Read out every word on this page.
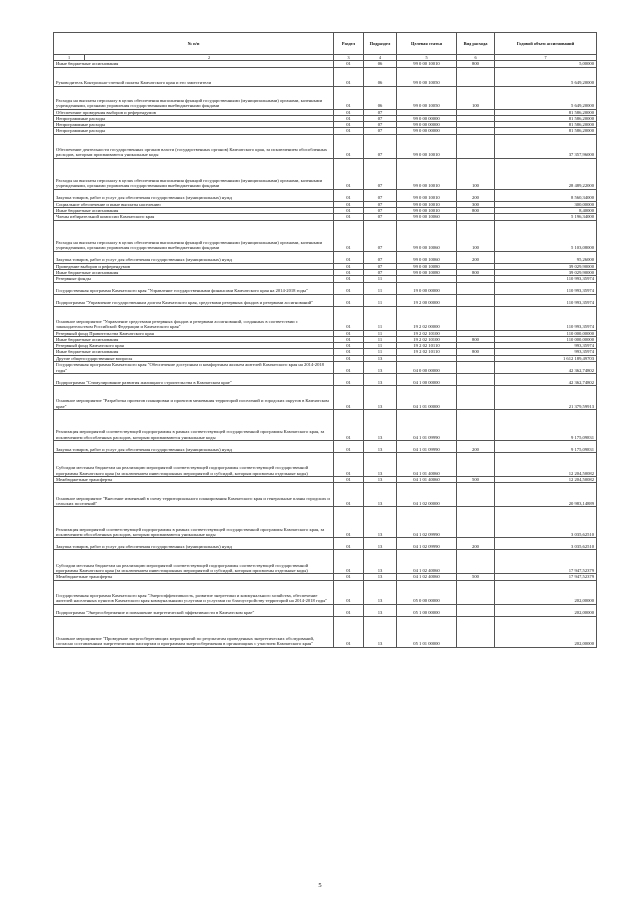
№ п/п	Раздел	Подраздел	Целевая статья	Вид расхода	Годовой объем ассигнований

1 2	3	4	5	6	7
Иные бюджетные ассигнования	01	06	99 0 00 10010	800	5,00000
Руководитель Контрольно-счетной палаты Камчатского края и его заместители	01	06	99 0 00 10050		5 649,20000
Расходы на выплаты персоналу в целях обеспечения выполнения функций государственными (муниципальными) органами, казенными учреждениями, органами управления государственными внебюджетными фондами	01	06	99 0 00 10050	100	5 649,20000
Обеспечение проведения выборов и референдумов	01	07			81 586,20000
Непрограммные расходы	01	07	99 0 00 00000		81 586,20000
Непрограммные расходы	01	07	99 0 00 00000		81 586,20000
Непрограммные расходы	01	07	99 0 00 00000		81 586,20000
Обеспечение деятельности государственных органов власти (государственных органов) Камчатского края, за исключением обособленных расходов, которым присваиваются уникальные коды	01	07	99 0 00 10010		37 357,96000
Расходы на выплаты персоналу в целях обеспечения выполнения функций государственными (муниципальными) органами, казенными учреждениями, органами управления государственными внебюджетными фондами	01	07	99 0 00 10010	100	28 489,22000
Закупка товаров, работ и услуг для обеспечения государственных (муниципальных) нужд	01	07	99 0 00 10010	200	8 560,34000
Социальное обеспечение и иные выплаты населению	01	07	99 0 00 10010	300	300,00000
Иные бюджетные ассигнования	01	07	99 0 00 10010	800	8,40000
Члены избирательной комиссии Камчатского края	01	07	99 0 00 10060		5 196,34000
Расходы на выплаты персоналу в целях обеспечения выполнения функций государственными (муниципальными) органами, казенными учреждениями, органами управления государственными внебюджетными фондами	01	07	99 0 00 10060	100	5 103,08000
Закупка товаров, работ и услуг для обеспечения государственных (муниципальных) нужд	01	07	99 0 00 10060	200	95,26000
Проведение выборов и референдумов	01	07	99 0 00 10080		39 029,90000
Иные бюджетные ассигнования	01	07	99 0 00 10080	800	39 029,90000
Резервные фонды	01	11			110 993,35974
Государственная программа Камчатского края "Управление государственными финансами Камчатского края на 2014-2018 годы"	01	11	19 0 00 00000		110 993,35974
Подпрограмма "Управление государственным долгом Камчатского края, средствами резервных фондов и резервами ассигнований"	01	11	19 2 00 00000		110 993,35974
Основное мероприятие "Управление средствами резервных фондов и резервами ассигнований, созданных в соответствии с законодательством Российской Федерации и Камчатского края"	01	11	19 2 02 00000		110 993,35974
Резервный фонд Правительства Камчатского края	01	11	19 2 02 10100		110 000,00000
Иные бюджетные ассигнования	01	11	19 2 02 10100	800	110 000,00000
Резервный фонд Камчатского края	01	11	19 2 02 10110		993,35974
Иные бюджетные ассигнования	01	11	19 2 02 10110	800	993,35974
Другие общегосударственные вопросы	01	13			1 612 189,49703
Государственная программа Камчатского края "Обеспечение доступным и комфортным жильем жителей Камчатского края на 2014-2018 годы"	01	13	04 0 00 00000		42 362,74802
Подпрограмма "Стимулирование развития жилищного строительства в Камчатском крае"	01	13	04 1 00 00000		42 362,74802
Основное мероприятие "Разработка проектов планировки и проектов межевания территорий поселений и городских округов в Камчатском крае"	01	13	04 1 01 00000		21 379,59913
Реализация мероприятий соответствующей подпрограммы в рамках соответствующей государственной программы Камчатского края, за исключением обособленных расходов, которым присваиваются уникальные коды	01	13	04 1 01 09990		9 175,09831
Закупка товаров, работ и услуг для обеспечения государственных (муниципальных) нужд	01	13	04 1 01 09990	200	9 175,09831
Субсидии местным бюджетам на реализацию мероприятий соответствующей подпрограммы соответствующей государственной программы Камчатского края (за исключением инвестиционных мероприятий и субсидий, которым присвоены отдельные коды)	01	13	04 1 01 40060		12 204,50082
Межбюджетные трансферты	01	13	04 1 01 40060	500	12 204,50082
Основное мероприятие "Внесение изменений в схему территориального планирования Камчатского края и генеральные планы городских и сельских поселений"	01	13	04 1 02 00000		20 983,14889
Реализация мероприятий соответствующей подпрограммы в рамках соответствующей государственной программы Камчатского края, за исключением обособленных расходов, которым присваиваются уникальные коды	01	13	04 1 02 09990		3 035,62510
Закупка товаров, работ и услуг для обеспечения государственных (муниципальных) нужд	01	13	04 1 02 09990	200	3 035,62510
Субсидии местным бюджетам на реализацию мероприятий соответствующей подпрограммы соответствующей государственной программы Камчатского края (за исключением инвестиционных мероприятий и субсидий, которым присвоены отдельные коды)	01	13	04 1 02 40060		17 947,52379
Межбюджетные трансферты	01	13	04 1 02 40060	500	17 947,52379
Государственная программа Камчатского края "Энергоэффективность, развитие энергетики и коммунального хозяйства, обеспечение жителей населенных пунктов Камчатского края коммунальными услугами и услугами по благоустройству территорий на 2014-2018 годы"	01	13	05 0 00 00000		202,00000
Подпрограмма "Энергосбережение и повышение энергетической эффективности в Камчатском крае"	01	13	05 1 00 00000		202,00000
Основное мероприятие "Проведение энергосберегающих мероприятий по результатам проведенных энергетических обследований, согласно составленным энергетическим паспортам и программам энергосбережения в организациях с участием Камчатского края"	01	13	05 1 01 00000		202,00000
5
